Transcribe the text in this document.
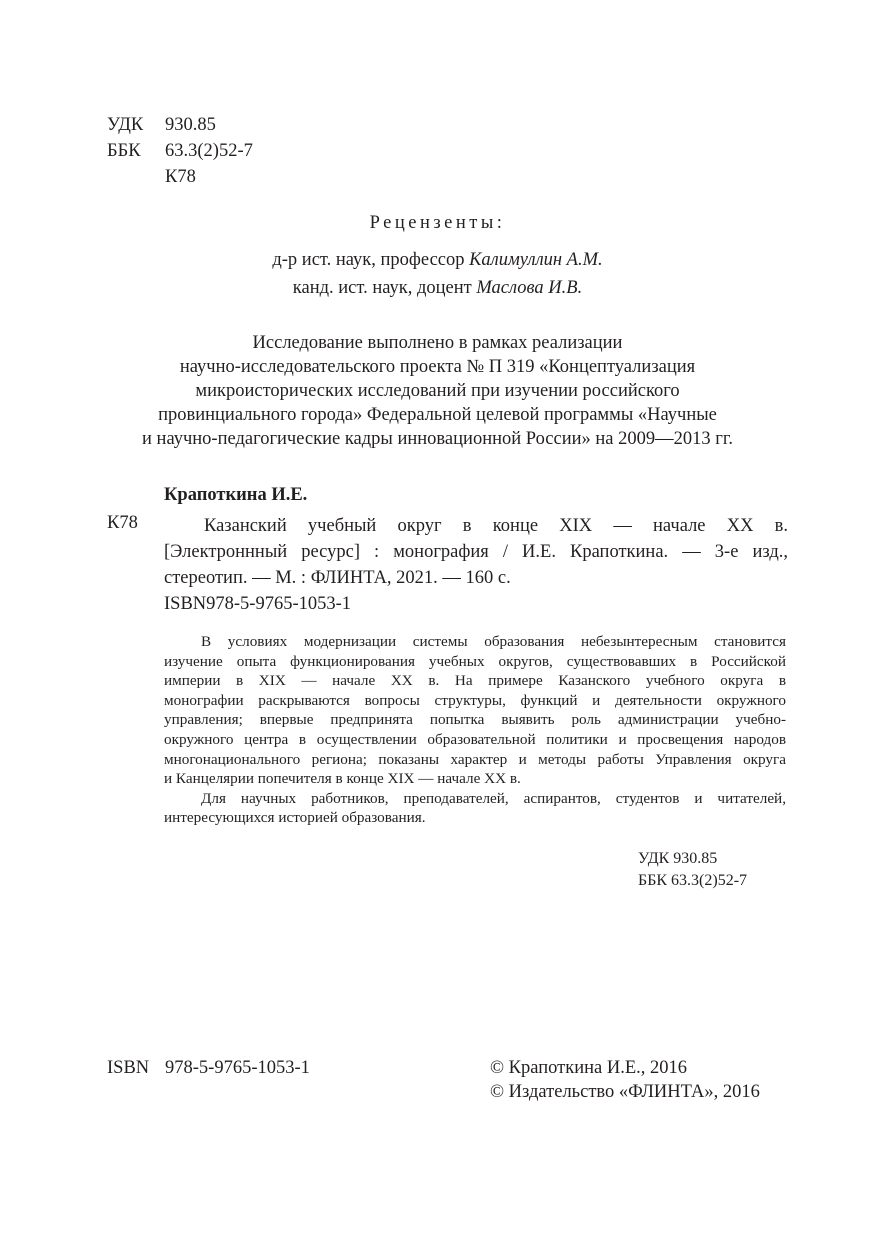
УДК 930.85
ББК 63.3(2)52-7
К78
Рецензенты:
д-р ист. наук, профессор Калимуллин А.М.
канд. ист. наук, доцент Маслова И.В.
Исследование выполнено в рамках реализации
научно-исследовательского проекта № П 319 «Концептуализация
микроисторических исследований при изучении российского
провинциального города» Федеральной целевой программы «Научные
и научно-педагогические кадры инновационной России» на 2009—2013 гг.
Крапоткина И.Е.
К78	Казанский учебный округ в конце XIX — начале XX в.
[Электроннный ресурс] : монография / И.Е. Крапоткина. — 3-е изд.,
стереотип. — М. : ФЛИНТА, 2021. — 160 с.
ISBN978-5-9765-1053-1
В условиях модернизации системы образования небезынтересным становится
изучение опыта функционирования учебных округов, существовавших в Российской
империи в XIX — начале XX в. На примере Казанского учебного округа в
монографии раскрываются вопросы структуры, функций и деятельности окружного
управления; впервые предпринята попытка выявить роль администрации учебно-
окружного центра в осуществлении образовательной политики и просвещения народов
многонационального региона; показаны характер и методы работы Управления округа
и Канцелярии попечителя в конце XIX — начале XX в.
Для научных работников, преподавателей, аспирантов, студентов и читателей,
интересующихся историей образования.
УДК 930.85
ББК 63.3(2)52-7
ISBN 978-5-9765-1053-1	© Крапоткина И.Е., 2016
© Издательство «ФЛИНТА», 2016
